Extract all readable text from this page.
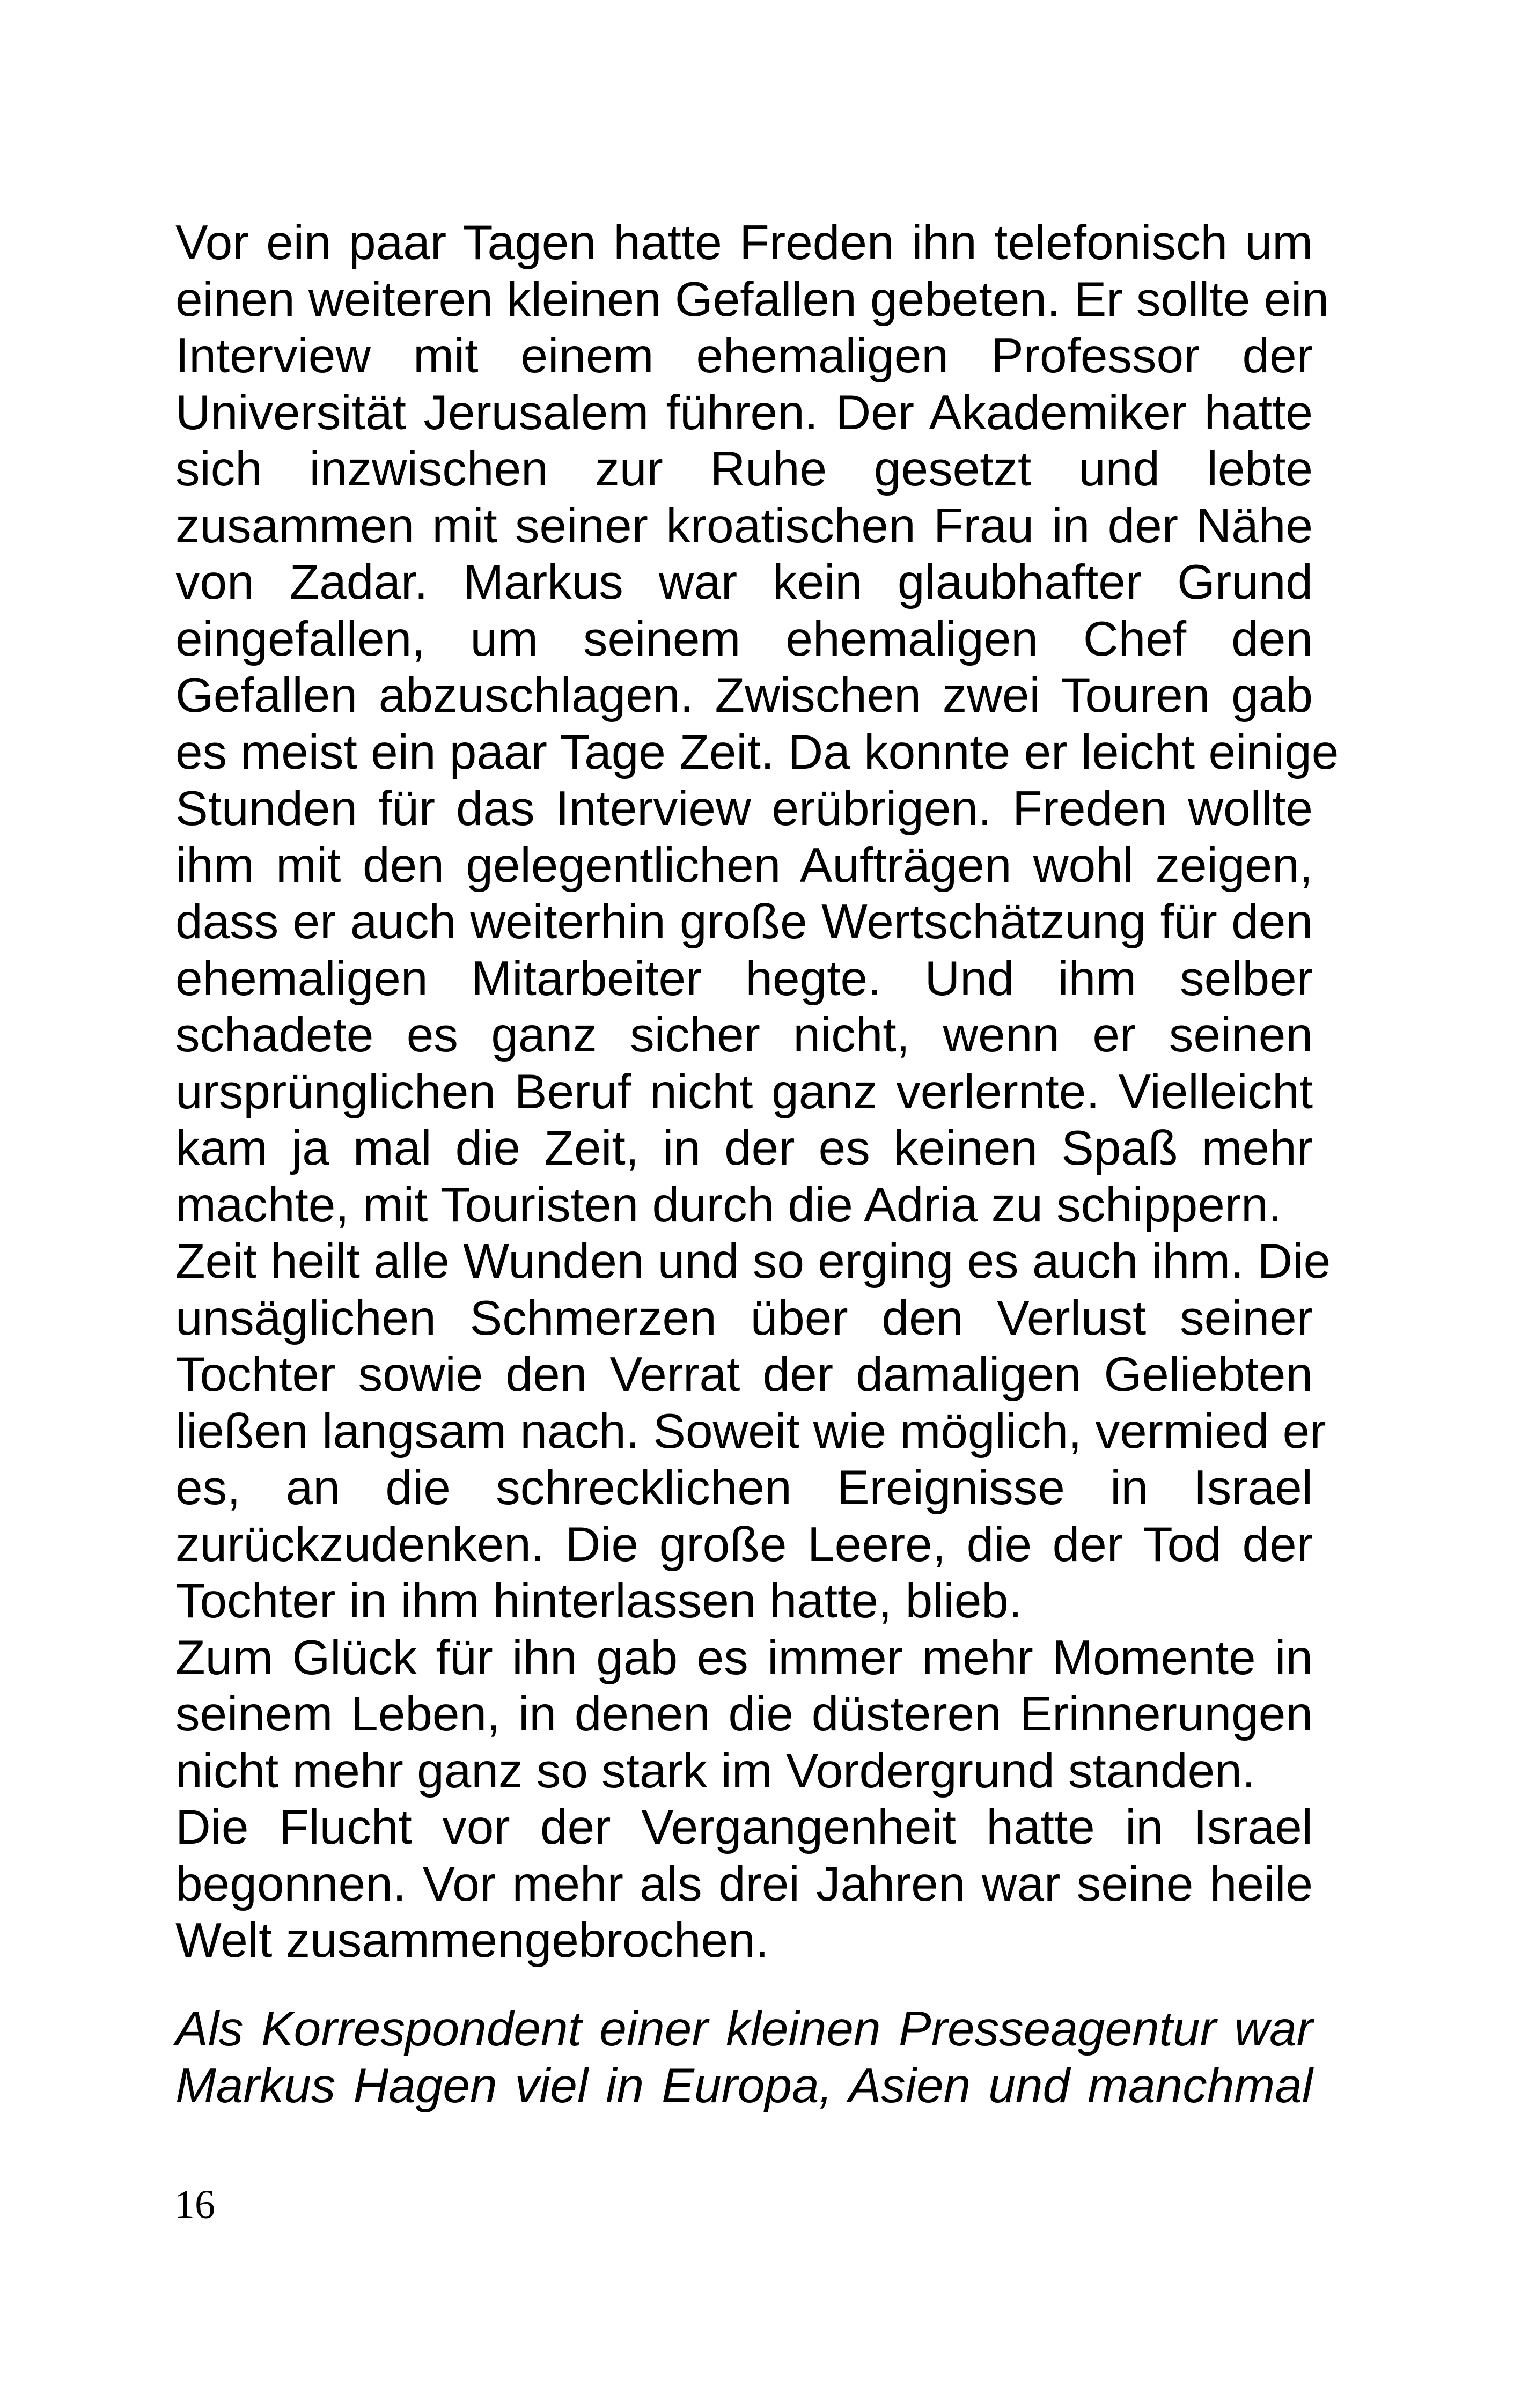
Vor ein paar Tagen hatte Freden ihn telefonisch um
einen weiteren kleinen Gefallen gebeten. Er sollte ein
Interview mit einem ehemaligen Professor der
Universität Jerusalem führen. Der Akademiker hatte
sich inzwischen zur Ruhe gesetzt und lebte
zusammen mit seiner kroatischen Frau in der Nähe
von Zadar. Markus war kein glaubhafter Grund
eingefallen, um seinem ehemaligen Chef den
Gefallen abzuschlagen. Zwischen zwei Touren gab
es meist ein paar Tage Zeit. Da konnte er leicht einige
Stunden für das Interview erübrigen. Freden wollte
ihm mit den gelegentlichen Aufträgen wohl zeigen,
dass er auch weiterhin große Wertschätzung für den
ehemaligen Mitarbeiter hegte. Und ihm selber
schadete es ganz sicher nicht, wenn er seinen
ursprünglichen Beruf nicht ganz verlernte. Vielleicht
kam ja mal die Zeit, in der es keinen Spaß mehr
machte, mit Touristen durch die Adria zu schippern.
Zeit heilt alle Wunden und so erging es auch ihm. Die
unsäglichen Schmerzen über den Verlust seiner
Tochter sowie den Verrat der damaligen Geliebten
ließen langsam nach. Soweit wie möglich, vermied er
es, an die schrecklichen Ereignisse in Israel
zurückzudenken. Die große Leere, die der Tod der
Tochter in ihm hinterlassen hatte, blieb.
Zum Glück für ihn gab es immer mehr Momente in
seinem Leben, in denen die düsteren Erinnerungen
nicht mehr ganz so stark im Vordergrund standen.
Die Flucht vor der Vergangenheit hatte in Israel
begonnen. Vor mehr als drei Jahren war seine heile
Welt zusammengebrochen.
Als Korrespondent einer kleinen Presseagentur war
Markus Hagen viel in Europa, Asien und manchmal
16
